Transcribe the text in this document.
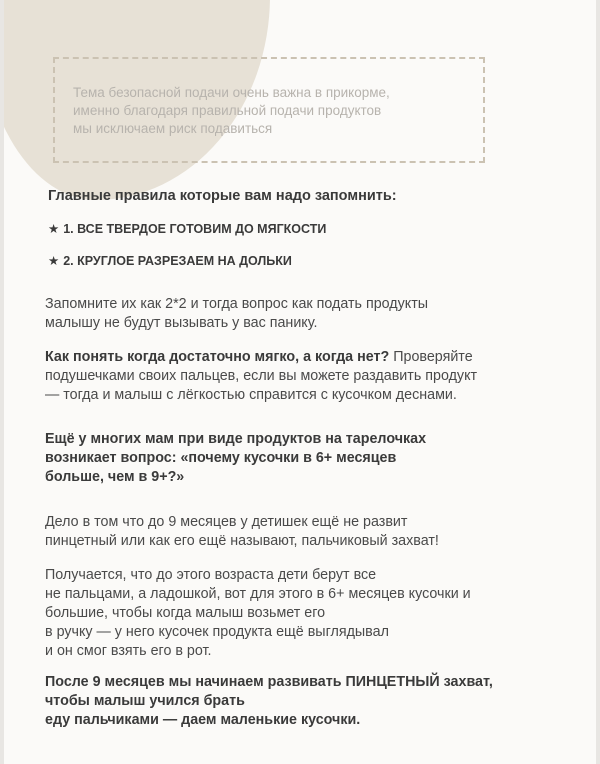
Тема безопасной подачи очень важна в прикорме,
именно благодаря правильной подачи продуктов
мы исключаем риск подавиться
Главные правила которые вам надо запомнить:
★ 1. ВСЕ ТВЕРДОЕ ГОТОВИМ ДО МЯГКОСТИ
★ 2. КРУГЛОЕ РАЗРЕЗАЕМ НА ДОЛЬКИ
Запомните их как 2*2 и тогда вопрос как подать продукты
малышу не будут вызывать у вас панику.
Как понять когда достаточно мягко, а когда нет? Проверяйте
подушечками своих пальцев, если вы можете раздавить продукт
— тогда и малыш с лёгкостью справится с кусочком деснами.
Ещё у многих мам при виде продуктов на тарелочках
возникает вопрос: «почему кусочки в 6+ месяцев
больше, чем в 9+?»
Дело в том что до 9 месяцев у детишек ещё не развит
пинцетный или как его ещё называют, пальчиковый захват!
Получается, что до этого возраста дети берут все
не пальцами, а ладошкой, вот для этого в 6+ месяцев кусочки и
большие, чтобы когда малыш возьмет его
в ручку — у него кусочек продукта ещё выглядывал
и он смог взять его в рот.
После 9 месяцев мы начинаем развивать ПИНЦЕТНЫЙ захват,
чтобы малыш учился брать
еду пальчиками — даем маленькие кусочки.
